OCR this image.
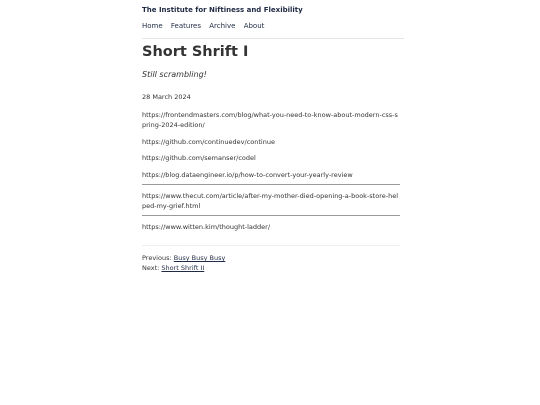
The Institute for Niftiness and Flexibility
Home Features Archive About
Short Shrift I
Still scrambling!
28 March 2024

https://frontendmasters.com/blog/what-you-need-to-know-about-modern-css-spring-2024-edition/

https://github.com/continuedev/continue

https://github.com/semanser/codel

https://blog.dataengineer.io/p/how-to-convert-your-yearly-review

https://www.thecut.com/article/after-my-mother-died-opening-a-book-store-helped-my-grief.html

https://www.witten.kim/thought-ladder/

Previous: Busy Busy Busy
Next: Short Shrift II
